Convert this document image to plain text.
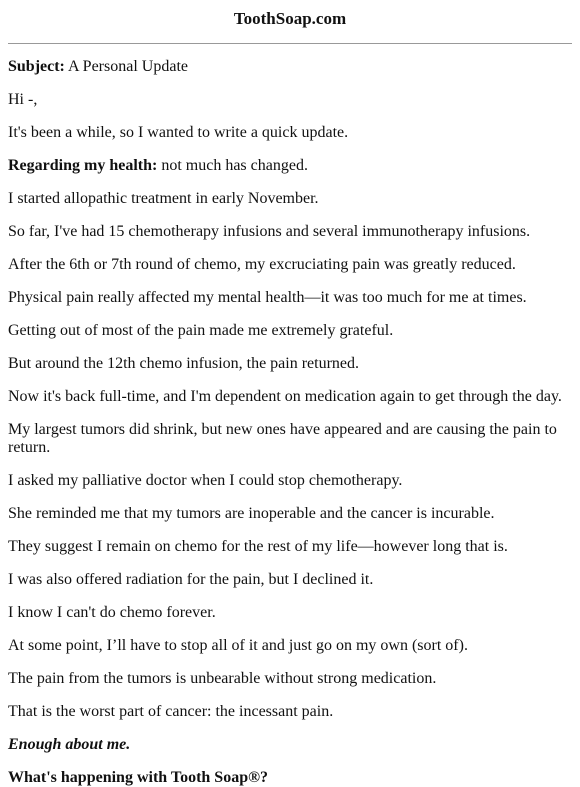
ToothSoap.com

Subject: A Personal Update

Hi -,

It's been a while, so I wanted to write a quick update.

Regarding my health: not much has changed.

I started allopathic treatment in early November.

So far, I've had 15 chemotherapy infusions and several immunotherapy infusions.

After the 6th or 7th round of chemo, my excruciating pain was greatly reduced.

Physical pain really affected my mental health—it was too much for me at times.

Getting out of most of the pain made me extremely grateful.

But around the 12th chemo infusion, the pain returned.

Now it's back full-time, and I'm dependent on medication again to get through the day.

My largest tumors did shrink, but new ones have appeared and are causing the pain to return.

I asked my palliative doctor when I could stop chemotherapy.

She reminded me that my tumors are inoperable and the cancer is incurable.

They suggest I remain on chemo for the rest of my life—however long that is.

I was also offered radiation for the pain, but I declined it.

I know I can't do chemo forever.

At some point, I’ll have to stop all of it and just go on my own (sort of).

The pain from the tumors is unbearable without strong medication.

That is the worst part of cancer: the incessant pain.

Enough about me.

What's happening with Tooth Soap®?
